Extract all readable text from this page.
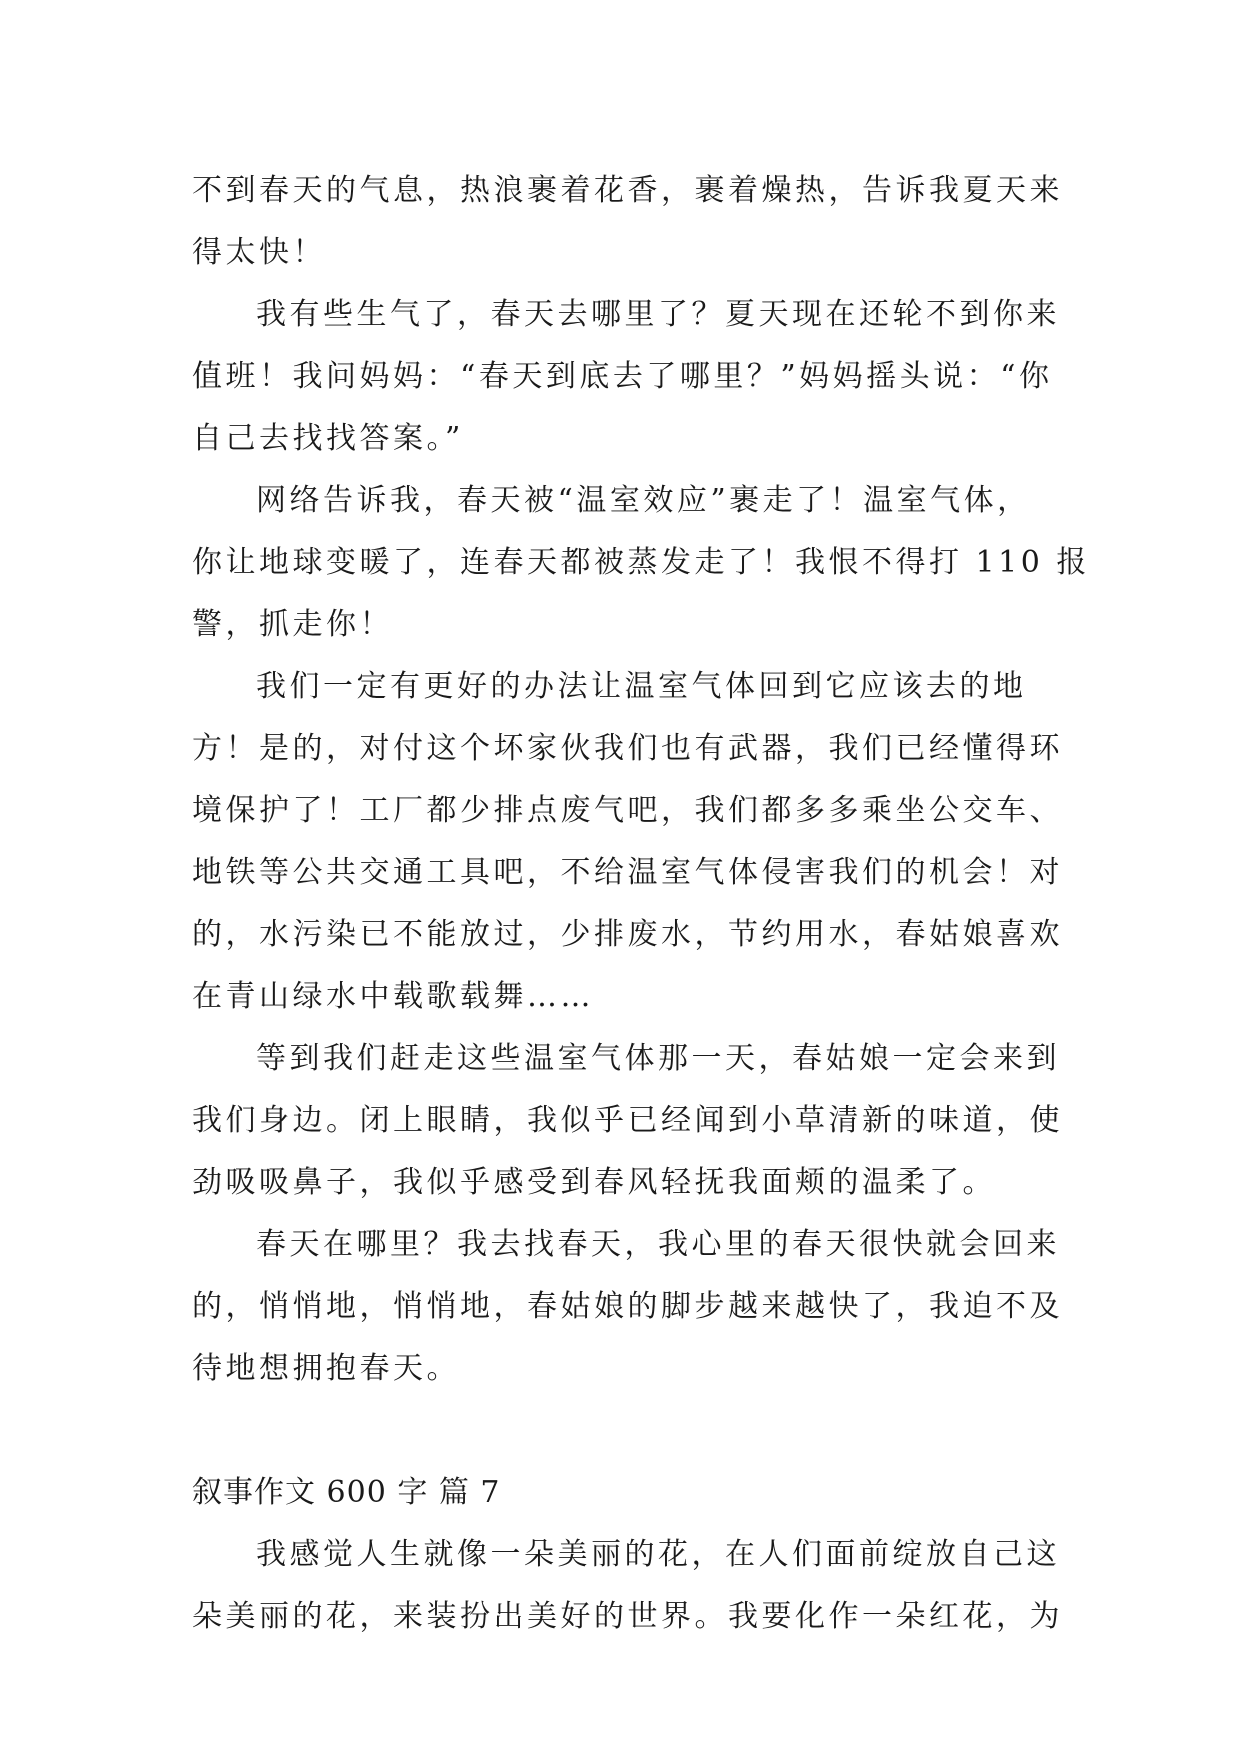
不到春天的气息，热浪裹着花香，裹着燥热，告诉我夏天来
得太快！
我有些生气了，春天去哪里了？夏天现在还轮不到你来
值班！我问妈妈：“春天到底去了哪里？”妈妈摇头说：“你
自己去找找答案。”
网络告诉我，春天被“温室效应”裹走了！温室气体，
你让地球变暖了，连春天都被蒸发走了！我恨不得打 110 报
警，抓走你！
我们一定有更好的办法让温室气体回到它应该去的地
方！是的，对付这个坏家伙我们也有武器，我们已经懂得环
境保护了！工厂都少排点废气吧，我们都多多乘坐公交车、
地铁等公共交通工具吧，不给温室气体侵害我们的机会！对
的，水污染已不能放过，少排废水，节约用水，春姑娘喜欢
在青山绿水中载歌载舞……
等到我们赶走这些温室气体那一天，春姑娘一定会来到
我们身边。闭上眼睛，我似乎已经闻到小草清新的味道，使
劲吸吸鼻子，我似乎感受到春风轻抚我面颊的温柔了。
春天在哪里？我去找春天，我心里的春天很快就会回来
的，悄悄地，悄悄地，春姑娘的脚步越来越快了，我迫不及
待地想拥抱春天。
叙事作文 600 字 篇 7
我感觉人生就像一朵美丽的花，在人们面前绽放自己这
朵美丽的花，来装扮出美好的世界。我要化作一朵红花，为
